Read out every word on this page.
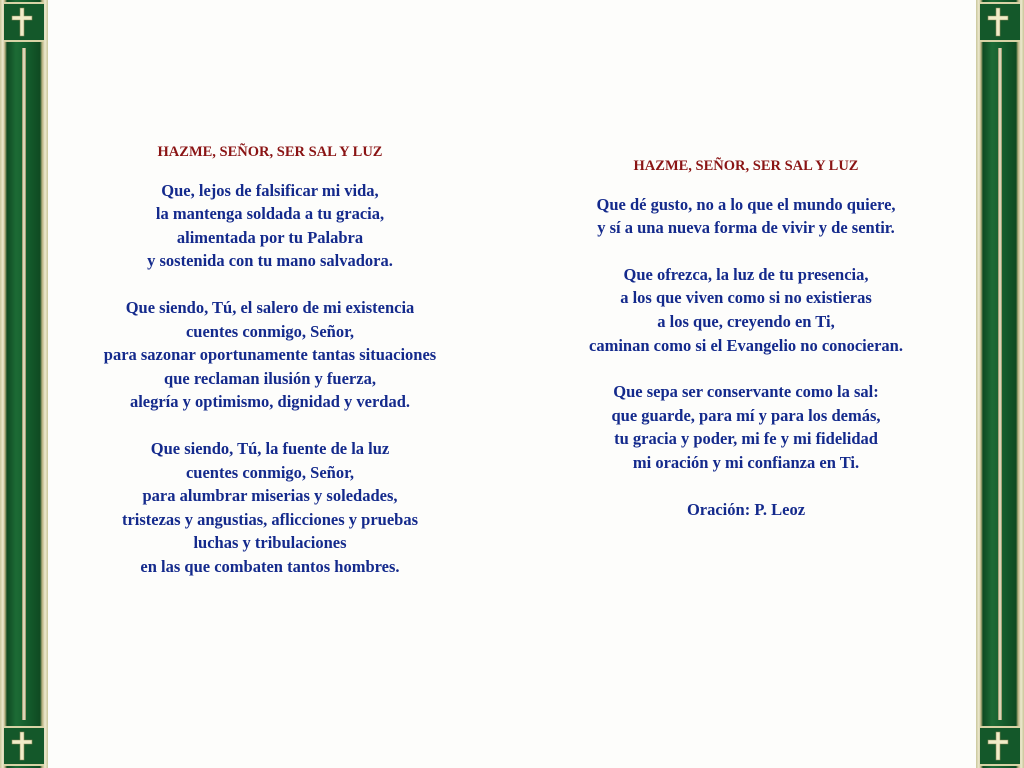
HAZME, SEÑOR, SER SAL Y LUZ
Que, lejos de falsificar mi vida,
la mantenga soldada a tu gracia,
alimentada por tu Palabra
y sostenida con tu mano salvadora.
Que siendo, Tú, el salero de mi existencia
cuentes conmigo, Señor,
para sazonar oportunamente tantas situaciones
que reclaman ilusión y fuerza,
alegría y optimismo, dignidad y verdad.
Que siendo, Tú, la fuente de la luz
cuentes conmigo, Señor,
para alumbrar miserias y soledades,
tristezas y angustias, aflicciones y pruebas
luchas y tribulaciones
en las que combaten tantos hombres.
HAZME, SEÑOR, SER SAL Y LUZ
Que dé gusto, no a lo que el mundo quiere,
y sí a una nueva forma de vivir y de sentir.
Que ofrezca, la luz de tu presencia,
a los que viven como si no existieras
a los que, creyendo en Ti,
caminan como si el Evangelio no conocieran.
Que sepa ser conservante como la sal:
que guarde, para mí y para los demás,
tu gracia y poder, mi fe y mi fidelidad
mi oración y mi confianza en Ti.
Oración: P. Leoz
